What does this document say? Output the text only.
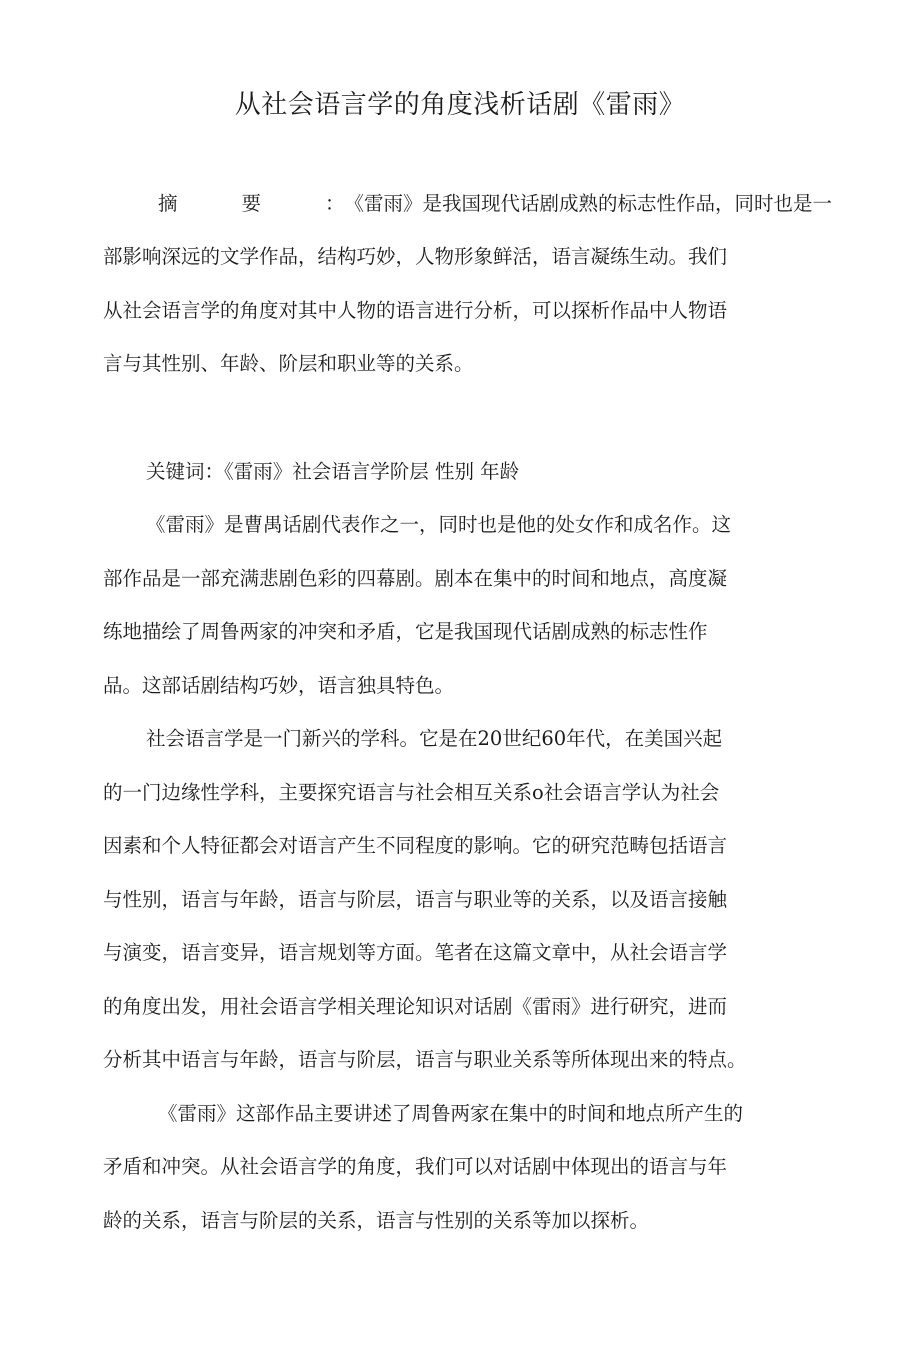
从社会语言学的角度浅析话剧《雷雨》
摘要：《雷雨》是我国现代话剧成熟的标志性作品，同时也是一
部影响深远的文学作品，结构巧妙，人物形象鲜活，语言凝练生动。我们
从社会语言学的角度对其中人物的语言进行分析，可以探析作品中人物语
言与其性别、年龄、阶层和职业等的关系。
关键词：《雷雨》社会语言学阶层 性别 年龄
《雷雨》是曹禺话剧代表作之一，同时也是他的处女作和成名作。这
部作品是一部充满悲剧色彩的四幕剧。剧本在集中的时间和地点，高度凝
练地描绘了周鲁两家的冲突和矛盾，它是我国现代话剧成熟的标志性作
品。这部话剧结构巧妙，语言独具特色。
社会语言学是一门新兴的学科。它是在20世纪60年代，在美国兴起
的一门边缘性学科，主要探究语言与社会相互关系o社会语言学认为社会
因素和个人特征都会对语言产生不同程度的影响。它的研究范畴包括语言
与性别，语言与年龄，语言与阶层，语言与职业等的关系，以及语言接触
与演变，语言变异，语言规划等方面。笔者在这篇文章中，从社会语言学
的角度出发，用社会语言学相关理论知识对话剧《雷雨》进行研究，进而
分析其中语言与年龄，语言与阶层，语言与职业关系等所体现出来的特点。
《雷雨》这部作品主要讲述了周鲁两家在集中的时间和地点所产生的
矛盾和冲突。从社会语言学的角度，我们可以对话剧中体现出的语言与年
龄的关系，语言与阶层的关系，语言与性别的关系等加以探析。
